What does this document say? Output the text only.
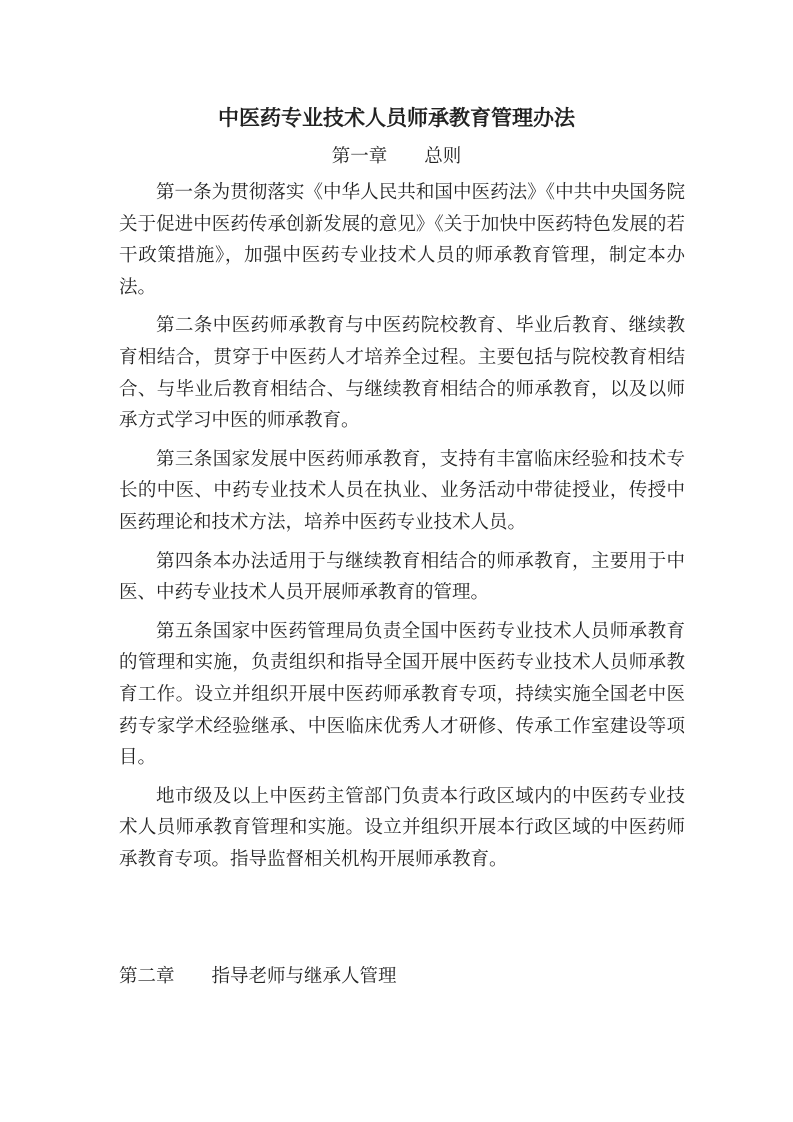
中医药专业技术人员师承教育管理办法
第一章　　总则

第一条为贯彻落实《中华人民共和国中医药法》《中共中央国务院关于促进中医药传承创新发展的意见》《关于加快中医药特色发展的若干政策措施》，加强中医药专业技术人员的师承教育管理，制定本办法。

第二条中医药师承教育与中医药院校教育、毕业后教育、继续教育相结合，贯穿于中医药人才培养全过程。主要包括与院校教育相结合、与毕业后教育相结合、与继续教育相结合的师承教育，以及以师承方式学习中医的师承教育。

第三条国家发展中医药师承教育，支持有丰富临床经验和技术专长的中医、中药专业技术人员在执业、业务活动中带徒授业，传授中医药理论和技术方法，培养中医药专业技术人员。

第四条本办法适用于与继续教育相结合的师承教育，主要用于中医、中药专业技术人员开展师承教育的管理。

第五条国家中医药管理局负责全国中医药专业技术人员师承教育的管理和实施，负责组织和指导全国开展中医药专业技术人员师承教育工作。设立并组织开展中医药师承教育专项，持续实施全国老中医药专家学术经验继承、中医临床优秀人才研修、传承工作室建设等项目。

地市级及以上中医药主管部门负责本行政区域内的中医药专业技术人员师承教育管理和实施。设立并组织开展本行政区域的中医药师承教育专项。指导监督相关机构开展师承教育。

第二章　　指导老师与继承人管理
